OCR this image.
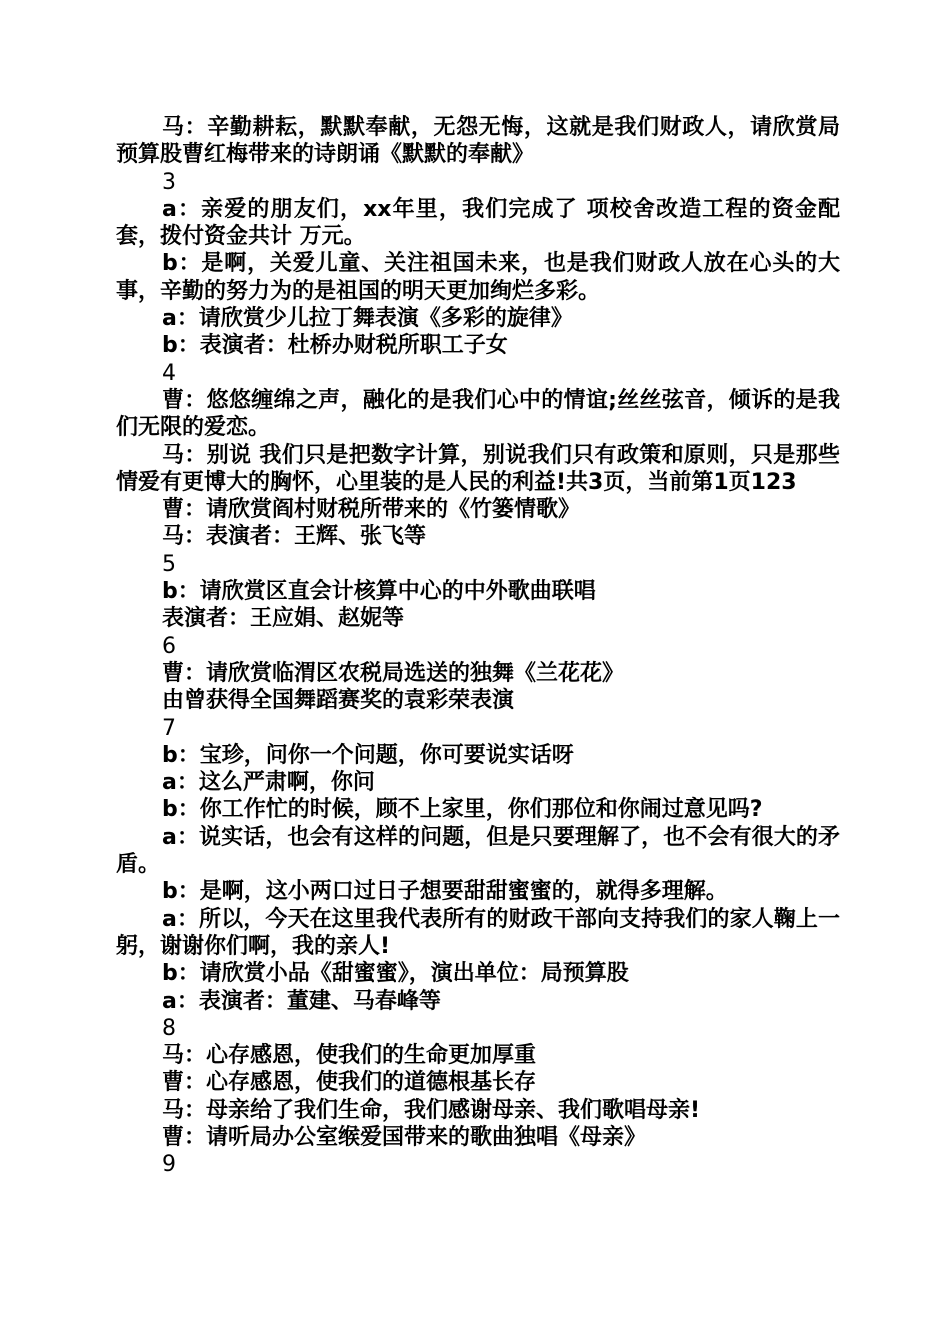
马：辛勤耕耘，默默奉献，无怨无悔，这就是我们财政人，请欣赏局预算股曹红梅带来的诗朗诵《默默的奉献》

3

a：亲爱的朋友们，xx年里，我们完成了 项校舍改造工程的资金配套，拨付资金共计 万元。

b：是啊，关爱儿童、关注祖国未来，也是我们财政人放在心头的大事，辛勤的努力为的是祖国的明天更加绚烂多彩。

a：请欣赏少儿拉丁舞表演《多彩的旋律》

b：表演者：杜桥办财税所职工子女

4

曹：悠悠缠绵之声，融化的是我们心中的情谊;丝丝弦音，倾诉的是我们无限的爱恋。

马：别说 我们只是把数字计算，别说我们只有政策和原则，只是那些情爱有更博大的胸怀，心里装的是人民的利益!共3页，当前第1页123

曹：请欣赏阎村财税所带来的《竹篓情歌》

马：表演者：王辉、张飞等

5

b：请欣赏区直会计核算中心的中外歌曲联唱

表演者：王应娟、赵妮等

6

曹：请欣赏临渭区农税局选送的独舞《兰花花》

由曾获得全国舞蹈赛奖的袁彩荣表演

7

b：宝珍，问你一个问题，你可要说实话呀

a：这么严肃啊，你问

b：你工作忙的时候，顾不上家里，你们那位和你闹过意见吗?

a：说实话，也会有这样的问题，但是只要理解了，也不会有很大的矛盾。

b：是啊，这小两口过日子想要甜甜蜜蜜的，就得多理解。

a：所以，今天在这里我代表所有的财政干部向支持我们的家人鞠上一躬，谢谢你们啊，我的亲人!

b：请欣赏小品《甜蜜蜜》，演出单位：局预算股

a：表演者：董建、马春峰等

8

马：心存感恩，使我们的生命更加厚重

曹：心存感恩，使我们的道德根基长存

马：母亲给了我们生命，我们感谢母亲、我们歌唱母亲!

曹：请听局办公室缑爱国带来的歌曲独唱《母亲》

9
